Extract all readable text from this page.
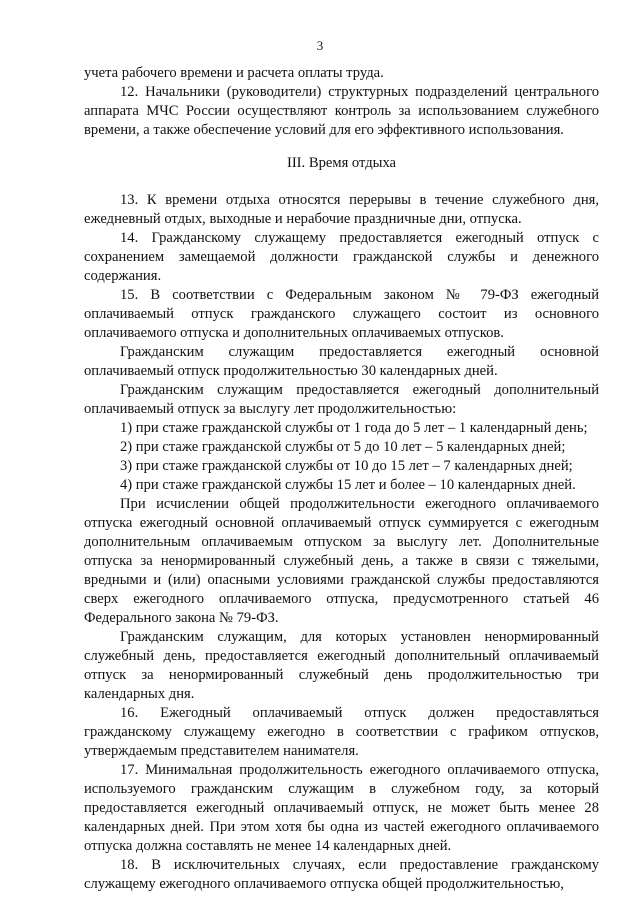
3

учета рабочего времени и расчета оплаты труда.

12. Начальники (руководители) структурных подразделений центрального аппарата МЧС России осуществляют контроль за использованием служебного времени, а также обеспечение условий для его эффективного использования.

III. Время отдыха

13. К времени отдыха относятся перерывы в течение служебного дня, ежедневный отдых, выходные и нерабочие праздничные дни, отпуска.

14. Гражданскому служащему предоставляется ежегодный отпуск с сохранением замещаемой должности гражданской службы и денежного содержания.

15. В соответствии с Федеральным законом № 79-ФЗ ежегодный оплачиваемый отпуск гражданского служащего состоит из основного оплачиваемого отпуска и дополнительных оплачиваемых отпусков.

Гражданским служащим предоставляется ежегодный основной оплачиваемый отпуск продолжительностью 30 календарных дней.

Гражданским служащим предоставляется ежегодный дополнительный оплачиваемый отпуск за выслугу лет продолжительностью:

1) при стаже гражданской службы от 1 года до 5 лет – 1 календарный день;

2) при стаже гражданской службы от 5 до 10 лет – 5 календарных дней;

3) при стаже гражданской службы от 10 до 15 лет – 7 календарных дней;

4) при стаже гражданской службы 15 лет и более – 10 календарных дней.

При исчислении общей продолжительности ежегодного оплачиваемого отпуска ежегодный основной оплачиваемый отпуск суммируется с ежегодным дополнительным оплачиваемым отпуском за выслугу лет. Дополнительные отпуска за ненормированный служебный день, а также в связи с тяжелыми, вредными и (или) опасными условиями гражданской службы предоставляются сверх ежегодного оплачиваемого отпуска, предусмотренного статьей 46 Федерального закона № 79-ФЗ.

Гражданским служащим, для которых установлен ненормированный служебный день, предоставляется ежегодный дополнительный оплачиваемый отпуск за ненормированный служебный день продолжительностью три календарных дня.

16. Ежегодный оплачиваемый отпуск должен предоставляться гражданскому служащему ежегодно в соответствии с графиком отпусков, утверждаемым представителем нанимателя.

17. Минимальная продолжительность ежегодного оплачиваемого отпуска, используемого гражданским служащим в служебном году, за который предоставляется ежегодный оплачиваемый отпуск, не может быть менее 28 календарных дней. При этом хотя бы одна из частей ежегодного оплачиваемого отпуска должна составлять не менее 14 календарных дней.

18. В исключительных случаях, если предоставление гражданскому служащему ежегодного оплачиваемого отпуска общей продолжительностью,
